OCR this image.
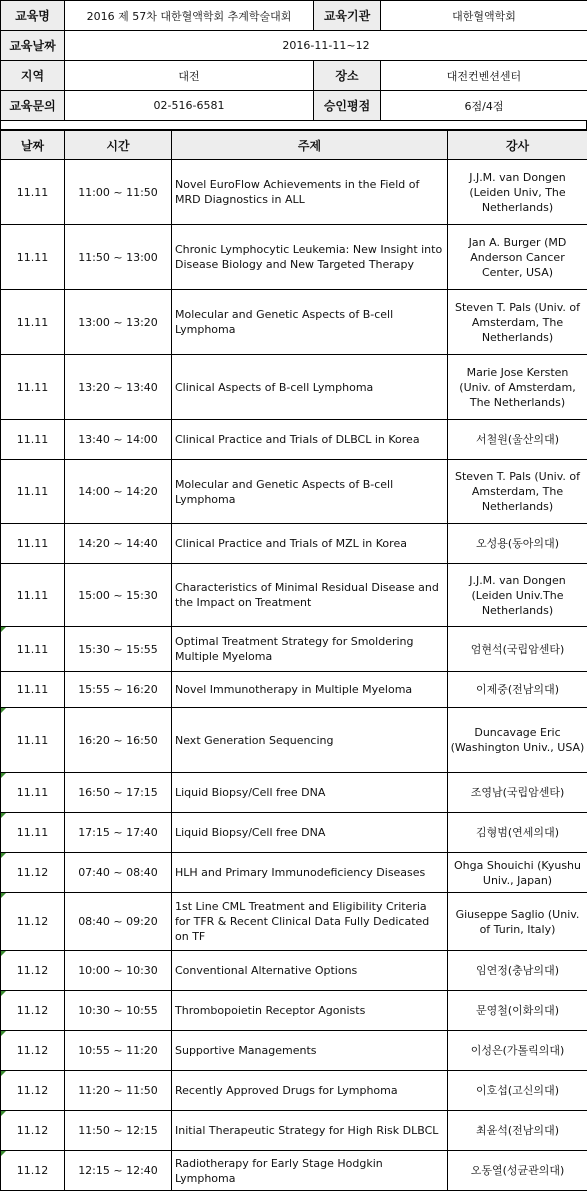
교육명	2016 제 57차 대한혈액학회 추계학술대회	교육기관	대한혈액학회
교육날짜	2016-11-11~12		
지역	대전	장소	대전컨벤션센터
교육문의	02-516-6581	승인평점	6점/4점
날짜	시간	주제	강사
11.11	11:00 ~ 11:50	Novel EuroFlow Achievements in the Field of MRD Diagnostics in ALL	J.J.M. van Dongen (Leiden Univ, The Netherlands)
11.11	11:50 ~ 13:00	Chronic Lymphocytic Leukemia: New Insight into Disease Biology and New Targeted Therapy	Jan A. Burger (MD Anderson Cancer Center, USA)
11.11	13:00 ~ 13:20	Molecular and Genetic Aspects of B-cell Lymphoma	Steven T. Pals (Univ. of Amsterdam, The Netherlands)
11.11	13:20 ~ 13:40	Clinical Aspects of B-cell Lymphoma	Marie Jose Kersten (Univ. of Amsterdam, The Netherlands)
11.11	13:40 ~ 14:00	Clinical Practice and Trials of DLBCL in Korea	서철원(울산의대)
11.11	14:00 ~ 14:20	Molecular and Genetic Aspects of B-cell Lymphoma	Steven T. Pals (Univ. of Amsterdam, The Netherlands)
11.11	14:20 ~ 14:40	Clinical Practice and Trials of MZL in Korea	오성용(동아의대)
11.11	15:00 ~ 15:30	Characteristics of Minimal Residual Disease and the Impact on Treatment	J.J.M. van Dongen (Leiden Univ.The Netherlands)
11.11	15:30 ~ 15:55	Optimal Treatment Strategy for Smoldering Multiple Myeloma	엄현석(국립암센타)
11.11	15:55 ~ 16:20	Novel Immunotherapy in Multiple Myeloma	이제중(전남의대)
11.11	16:20 ~ 16:50	Next Generation Sequencing	Duncavage Eric (Washington Univ., USA)
11.11	16:50 ~ 17:15	Liquid Biopsy/Cell free DNA	조영남(국립암센타)
11.11	17:15 ~ 17:40	Liquid Biopsy/Cell free DNA	김형범(연세의대)
11.12	07:40 ~ 08:40	HLH and Primary Immunodeficiency Diseases	Ohga Shouichi (Kyushu Univ., Japan)
11.12	08:40 ~ 09:20	1st Line CML Treatment and Eligibility Criteria for TFR & Recent Clinical Data Fully Dedicated on TF	Giuseppe Saglio (Univ. of Turin, Italy)
11.12	10:00 ~ 10:30	Conventional Alternative Options	임연정(충남의대)
11.12	10:30 ~ 10:55	Thrombopoietin Receptor Agonists	문영철(이화의대)
11.12	10:55 ~ 11:20	Supportive Managements	이성은(가톨릭의대)
11.12	11:20 ~ 11:50	Recently Approved Drugs for Lymphoma	이호섭(고신의대)
11.12	11:50 ~ 12:15	Initial Therapeutic Strategy for High Risk DLBCL	최윤석(전남의대)
11.12	12:15 ~ 12:40	Radiotherapy for Early Stage Hodgkin Lymphoma	오동열(성균관의대)
